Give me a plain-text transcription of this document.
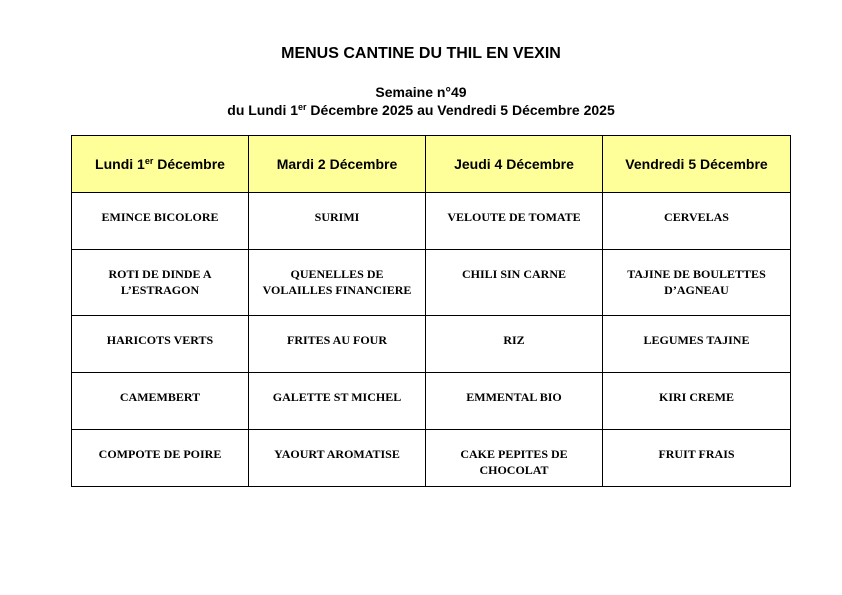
MENUS CANTINE DU THIL EN VEXIN
Semaine n°49
du Lundi 1er Décembre 2025 au Vendredi 5 Décembre 2025
Lundi 1er Décembre	Mardi 2 Décembre	Jeudi 4 Décembre	Vendredi 5 Décembre

EMINCE BICOLORE	SURIMI	VELOUTE DE TOMATE	CERVELAS

ROTI DE DINDE A L’ESTRAGON	QUENELLES DE VOLAILLES FINANCIERE	CHILI SIN CARNE	TAJINE DE BOULETTES D’AGNEAU

HARICOTS VERTS	FRITES AU FOUR	RIZ	LEGUMES TAJINE

CAMEMBERT	GALETTE ST MICHEL	EMMENTAL BIO	KIRI CREME

COMPOTE DE POIRE	YAOURT AROMATISE	CAKE PEPITES DE CHOCOLAT	FRUIT FRAIS
